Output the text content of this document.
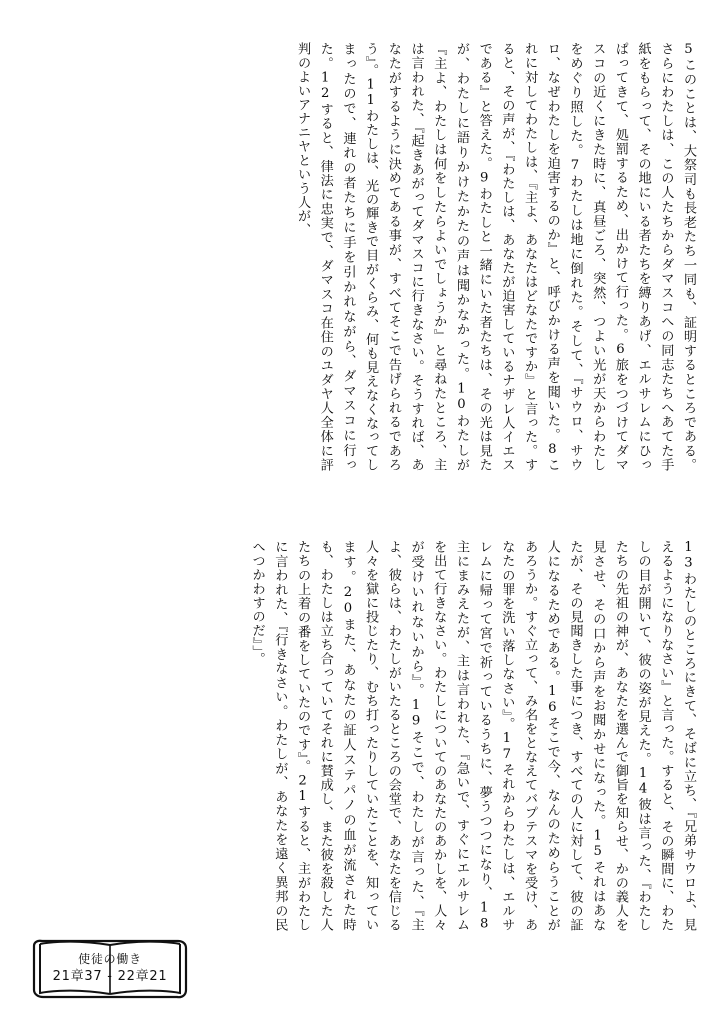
5このことは、大祭司も長老たち一同も、証明するところである。さらにわたしは、この人たちからダマスコへの同志たちへあてた手紙をもらって、その地にいる者たちを縛りあげ、エルサレムにひっぱってきて、処罰するため、出かけて行った。

6旅をつづけてダマスコの近くにきた時に、真昼ごろ、突然、つよい光が天からわたしをめぐり照した。

7わたしは地に倒れた。そして、『サウロ、サウロ、なぜわたしを迫害するのか』と、呼びかける声を聞いた。

8これに対してわたしは、『主よ、あなたはどなたですか』と言った。すると、その声が、『わたしは、あなたが迫害しているナザレ人イエスである』と答えた。

9わたしと一緒にいた者たちは、その光は見たが、わたしに語りかけたかたの声は聞かなかった。

10わたしが『主よ、わたしは何をしたらよいでしょうか』と尋ねたところ、主は言われた、『起きあがってダマスコに行きなさい。そうすれば、あなたがするように決めてある事が、すべてそこで告げられるであろう』。

11わたしは、光の輝きで目がくらみ、何も見えなくなってしまったので、連れの者たちに手を引かれながら、ダマスコに行った。

12すると、律法に忠実で、ダマスコ在住のユダヤ人全体に評判のよいアナニヤという人が、

13わたしのところにきて、そばに立ち、『兄弟サウロよ、見えるようになりなさい』と言った。すると、その瞬間に、わたしの目が開いて、彼の姿が見えた。

14彼は言った、『わたしたちの先祖の神が、あなたを選んで御旨を知らせ、かの義人を見させ、その口から声をお聞かせになった。

15それはあなたが、その見聞きした事につき、すべての人に対して、彼の証人になるためである。

16そこで今、なんのためらうことがあろうか。すぐ立って、み名をとなえてバプテスマを受け、あなたの罪を洗い落しなさい』。

17それからわたしは、エルサレムに帰って宮で祈っているうちに、夢うつつになり、

18主にまみえたが、主は言われた、『急いで、すぐにエルサレムを出て行きなさい。わたしについてのあなたのあかしを、人々が受けいれないから』。

19そこで、わたしが言った、『主よ、彼らは、わたしがいたるところの会堂で、あなたを信じる人々を獄に投じたり、むち打ったりしていたことを、知っています。

20また、あなたの証人ステパノの血が流された時も、わたしは立ち合っていてそれに賛成し、また彼を殺した人たちの上着の番をしていたのです』。

21すると、主がわたしに言われた、『行きなさい。わたしが、あなたを遠く異邦の民へつかわすのだ』」。

使徒の働き
21章37 - 22章21
